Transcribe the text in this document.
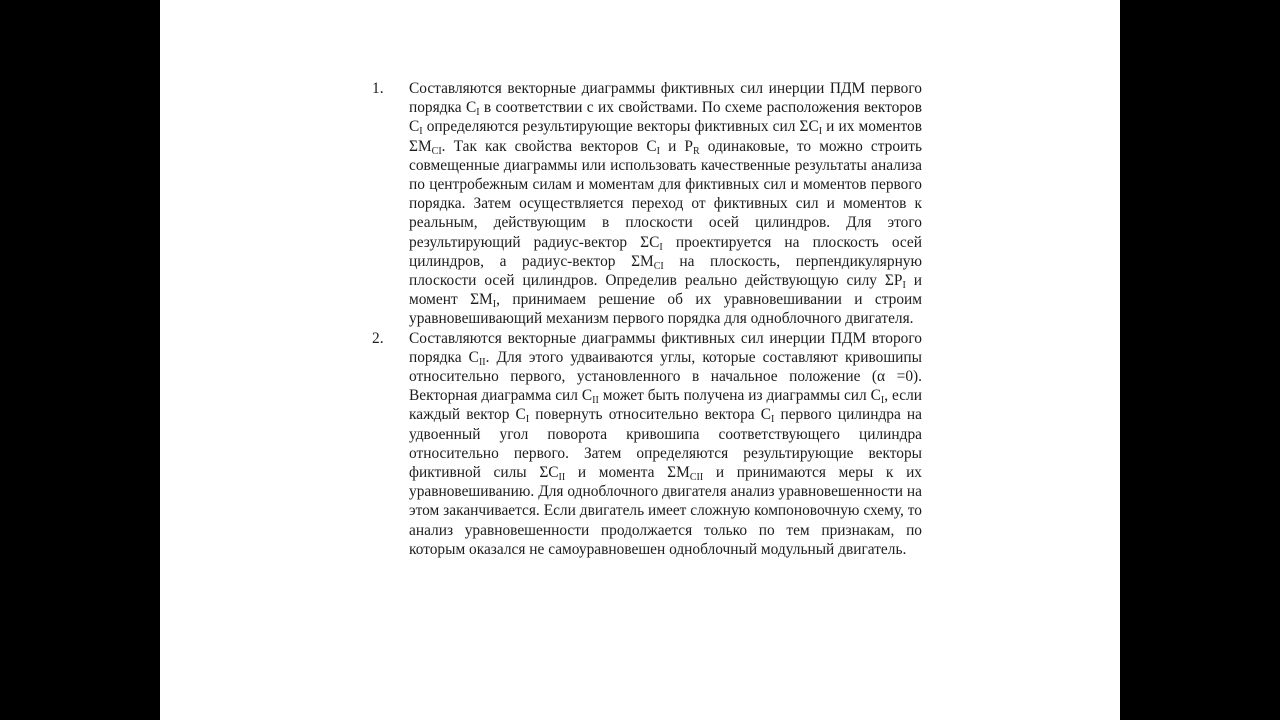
1. Составляются векторные диаграммы фиктивных сил инерции ПДМ первого порядка $С_I$ в соответствии с их свойствами. По схеме расположения векторов $С_I$ определяются результирующие векторы фиктивных сил $\Sigma С_I$ и их моментов $\Sigma М_{CI}$. Так как свойства векторов $С_I$ и $Р_R$ одинаковые, то можно строить совмещенные диаграммы или использовать качественные результаты анализа по центробежным силам и моментам для фиктивных сил и моментов первого порядка. Затем осуществляется переход от фиктивных сил и моментов к реальным, действующим в плоскости осей цилиндров. Для этого результирующий радиус-вектор $\Sigma С_I$ проектируется на плоскость осей цилиндров, а радиус-вектор $\Sigma М_{CI}$ на плоскость, перпендикулярную плоскости осей цилиндров. Определив реально действующую силу $\Sigma Р_I$ и момент $\Sigma М_I$, принимаем решение об их уравновешивании и строим уравновешивающий механизм первого порядка для одноблочного двигателя.
2. Составляются векторные диаграммы фиктивных сил инерции ПДМ второго порядка $С_{II}$. Для этого удваиваются углы, которые составляют кривошипы относительно первого, установленного в начальное положение (α =0). Векторная диаграмма сил $С_{II}$ может быть получена из диаграммы сил $С_I$, если каждый вектор $С_I$ повернуть относительно вектора $С_I$ первого цилиндра на удвоенный угол поворота кривошипа соответствующего цилиндра относительно первого. Затем определяются результирующие векторы фиктивной силы $\Sigma С_{II}$ и момента $\Sigma М_{CII}$ и принимаются меры к их уравновешиванию. Для одноблочного двигателя анализ уравновешенности на этом заканчивается. Если двигатель имеет сложную компоновочную схему, то анализ уравновешенности продолжается только по тем признакам, по которым оказался не самоуравновешен одноблочный модульный двигатель.
